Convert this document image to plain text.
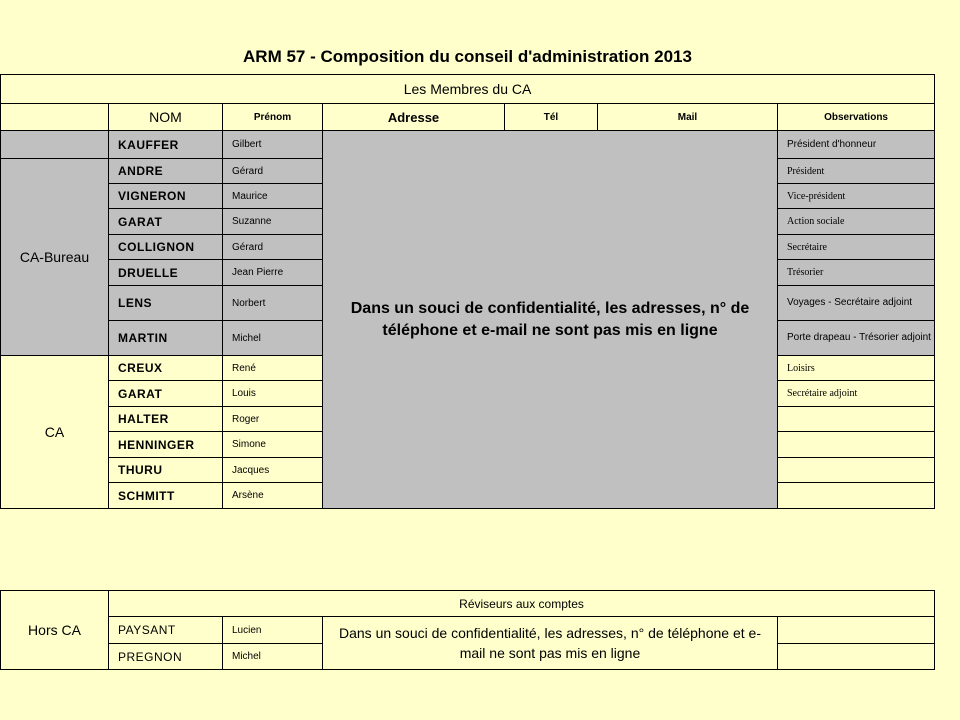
ARM 57 - Composition du conseil d'administration 2013
Les Membres du CA						
	NOM	Prénom	Adresse	Tél	Mail	Observations
	KAUFFER	Gilbert	Dans un souci de confidentialité, les adresses, n° de téléphone et e-mail ne sont pas mis en ligne			Président d'honneur
CA-Bureau	ANDRE	Gérard				Président
	VIGNERON	Maurice				Vice-président
	GARAT	Suzanne				Action sociale
	COLLIGNON	Gérard				Secrétaire
	DRUELLE	Jean Pierre				Trésorier
	LENS	Norbert				Voyages - Secrétaire adjoint
	MARTIN	Michel				Porte drapeau - Trésorier adjoint
CA	CREUX	René				Loisirs
	GARAT	Louis				Secrétaire adjoint
	HALTER	Roger				
	HENNINGER	Simone				
	THURU	Jacques				
	SCHMITT	Arsène				
Hors CA	Réviseurs aux comptes			
	PAYSANT	Lucien	Dans un souci de confidentialité, les adresses, n° de téléphone et e-mail ne sont pas mis en ligne	
	PREGNON	Michel		
